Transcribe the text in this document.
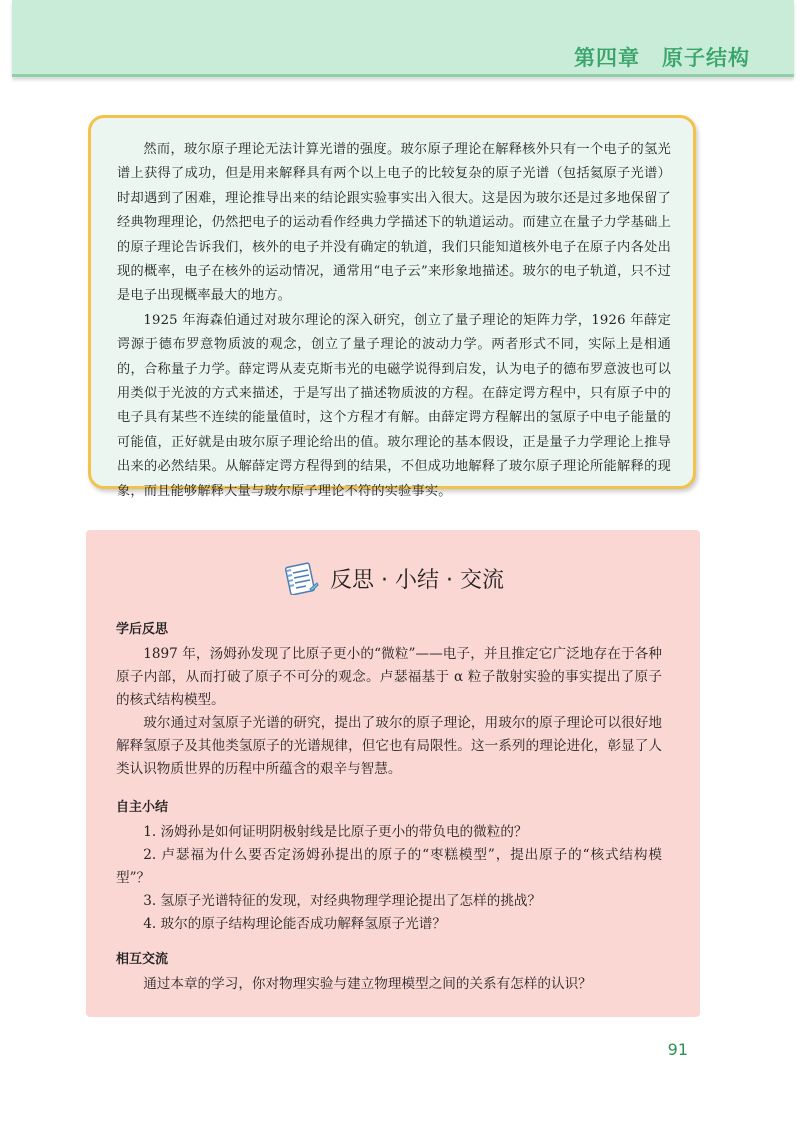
第四章　原子结构

然而，玻尔原子理论无法计算光谱的强度。玻尔原子理论在解释核外只有一个电子的氢光谱上获得了成功，但是用来解释具有两个以上电子的比较复杂的原子光谱（包括氦原子光谱）时却遇到了困难，理论推导出来的结论跟实验事实出入很大。这是因为玻尔还是过多地保留了经典物理理论，仍然把电子的运动看作经典力学描述下的轨道运动。而建立在量子力学基础上的原子理论告诉我们，核外的电子并没有确定的轨道，我们只能知道核外电子在原子内各处出现的概率，电子在核外的运动情况，通常用“电子云”来形象地描述。玻尔的电子轨道，只不过是电子出现概率最大的地方。

1925 年海森伯通过对玻尔理论的深入研究，创立了量子理论的矩阵力学，1926 年薛定谔源于德布罗意物质波的观念，创立了量子理论的波动力学。两者形式不同，实际上是相通的，合称量子力学。薛定谔从麦克斯韦光的电磁学说得到启发，认为电子的德布罗意波也可以用类似于光波的方式来描述，于是写出了描述物质波的方程。在薛定谔方程中，只有原子中的电子具有某些不连续的能量值时，这个方程才有解。由薛定谔方程解出的氢原子中电子能量的可能值，正好就是由玻尔原子理论给出的值。玻尔理论的基本假设，正是量子力学理论上推导出来的必然结果。从解薛定谔方程得到的结果，不但成功地解释了玻尔原子理论所能解释的现象，而且能够解释大量与玻尔原子理论不符的实验事实。

反思 · 小结 · 交流
学后反思

1897 年，汤姆孙发现了比原子更小的“微粒”——电子，并且推定它广泛地存在于各种原子内部，从而打破了原子不可分的观念。卢瑟福基于 α 粒子散射实验的事实提出了原子的核式结构模型。

玻尔通过对氢原子光谱的研究，提出了玻尔的原子理论，用玻尔的原子理论可以很好地解释氢原子及其他类氢原子的光谱规律，但它也有局限性。这一系列的理论进化，彰显了人类认识物质世界的历程中所蕴含的艰辛与智慧。

自主小结
1. 汤姆孙是如何证明阴极射线是比原子更小的带负电的微粒的？
2. 卢瑟福为什么要否定汤姆孙提出的原子的“枣糕模型”，提出原子的“核式结构模型”？
3. 氢原子光谱特征的发现，对经典物理学理论提出了怎样的挑战？
4. 玻尔的原子结构理论能否成功解释氢原子光谱？
相互交流

通过本章的学习，你对物理实验与建立物理模型之间的关系有怎样的认识？

91
